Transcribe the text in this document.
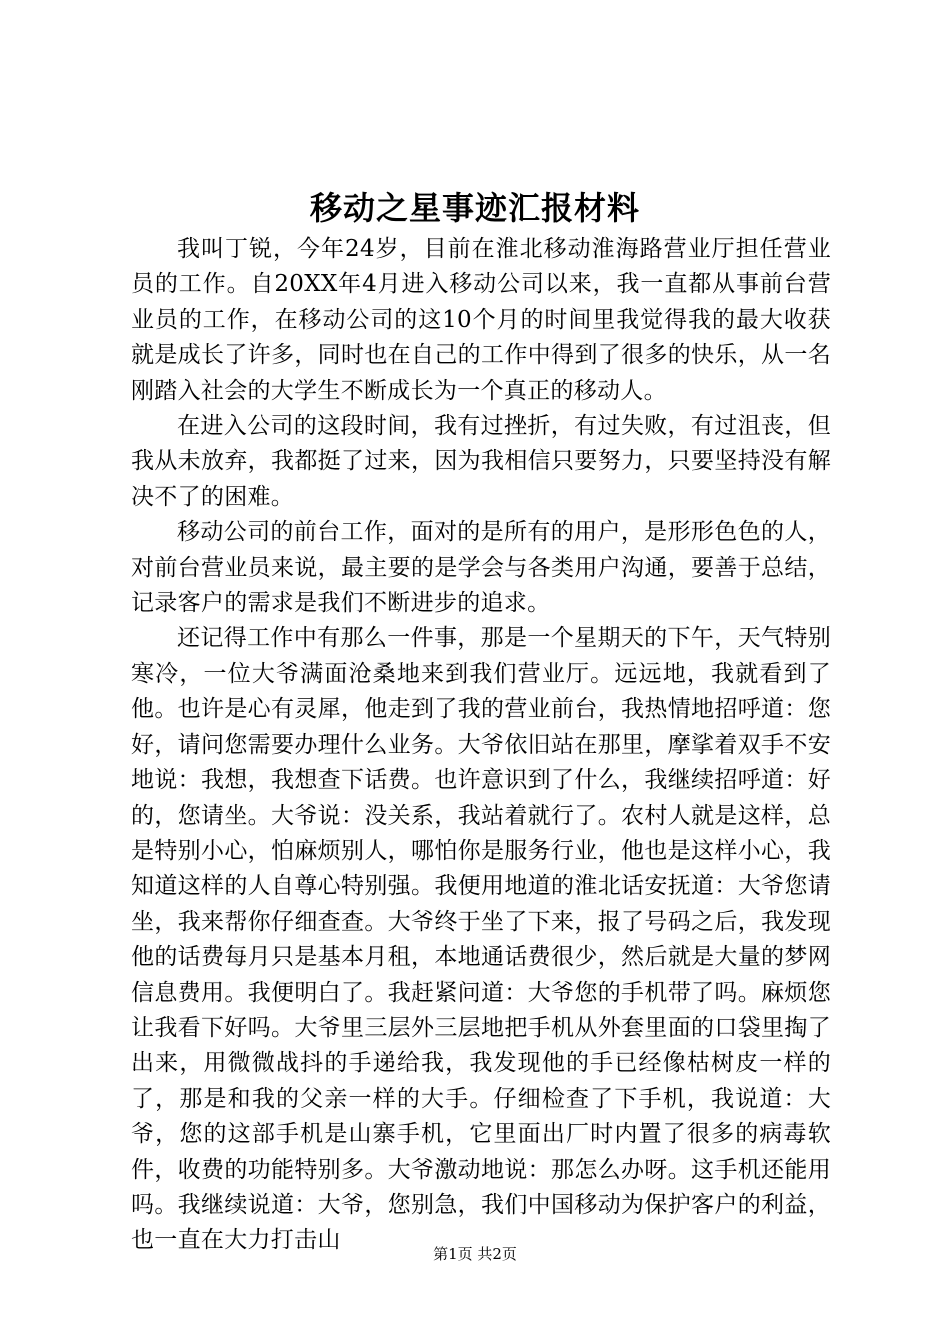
移动之星事迹汇报材料

我叫丁锐，今年24岁，目前在淮北移动淮海路营业厅担任营业员的工作。自20XX年4月进入移动公司以来，我一直都从事前台营业员的工作，在移动公司的这10个月的时间里我觉得我的最大收获就是成长了许多，同时也在自己的工作中得到了很多的快乐，从一名刚踏入社会的大学生不断成长为一个真正的移动人。

在进入公司的这段时间，我有过挫折，有过失败，有过沮丧，但我从未放弃，我都挺了过来，因为我相信只要努力，只要坚持没有解决不了的困难。

移动公司的前台工作，面对的是所有的用户，是形形色色的人，对前台营业员来说，最主要的是学会与各类用户沟通，要善于总结，记录客户的需求是我们不断进步的追求。

还记得工作中有那么一件事，那是一个星期天的下午，天气特别寒冷，一位大爷满面沧桑地来到我们营业厅。远远地，我就看到了他。也许是心有灵犀，他走到了我的营业前台，我热情地招呼道：您好，请问您需要办理什么业务。大爷依旧站在那里，摩挲着双手不安地说：我想，我想查下话费。也许意识到了什么，我继续招呼道：好的，您请坐。大爷说：没关系，我站着就行了。农村人就是这样，总是特别小心，怕麻烦别人，哪怕你是服务行业，他也是这样小心，我知道这样的人自尊心特别强。我便用地道的淮北话安抚道：大爷您请坐，我来帮你仔细查查。大爷终于坐了下来，报了号码之后，我发现他的话费每月只是基本月租，本地通话费很少，然后就是大量的梦网信息费用。我便明白了。我赶紧问道：大爷您的手机带了吗。麻烦您让我看下好吗。大爷里三层外三层地把手机从外套里面的口袋里掏了出来，用微微战抖的手递给我，我发现他的手已经像枯树皮一样的了，那是和我的父亲一样的大手。仔细检查了下手机，我说道：大爷，您的这部手机是山寨手机，它里面出厂时内置了很多的病毒软件，收费的功能特别多。大爷激动地说：那怎么办呀。这手机还能用吗。我继续说道：大爷，您别急，我们中国移动为保护客户的利益，也一直在大力打击山

第1页 共2页
